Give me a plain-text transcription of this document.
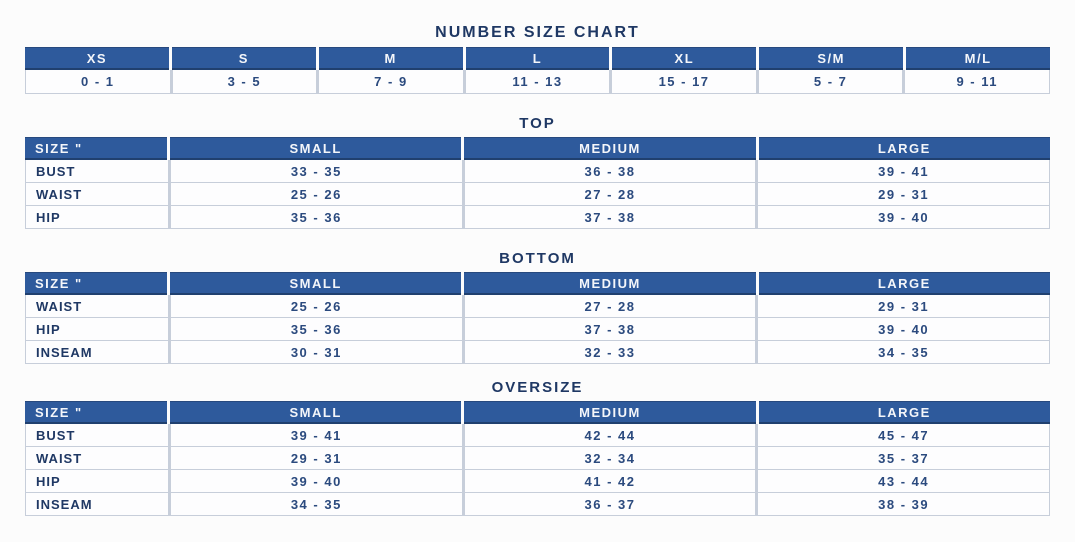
NUMBER SIZE CHART
XS	S	M	L	XL	S/M	M/L
0 - 1	3 - 5	7 - 9	11 - 13	15 - 17	5 - 7	9 - 11
TOP
SIZE "	SMALL	MEDIUM	LARGE
BUST	33 - 35	36 - 38	39 - 41
WAIST	25 - 26	27 - 28	29 - 31
HIP	35 - 36	37 - 38	39 - 40
BOTTOM
SIZE "	SMALL	MEDIUM	LARGE
WAIST	25 - 26	27 - 28	29 - 31
HIP	35 - 36	37 - 38	39 - 40
INSEAM	30 - 31	32 - 33	34 - 35
OVERSIZE
SIZE "	SMALL	MEDIUM	LARGE
BUST	39 - 41	42 - 44	45 - 47
WAIST	29 - 31	32 - 34	35 - 37
HIP	39 - 40	41 - 42	43 - 44
INSEAM	34 - 35	36 - 37	38 - 39
